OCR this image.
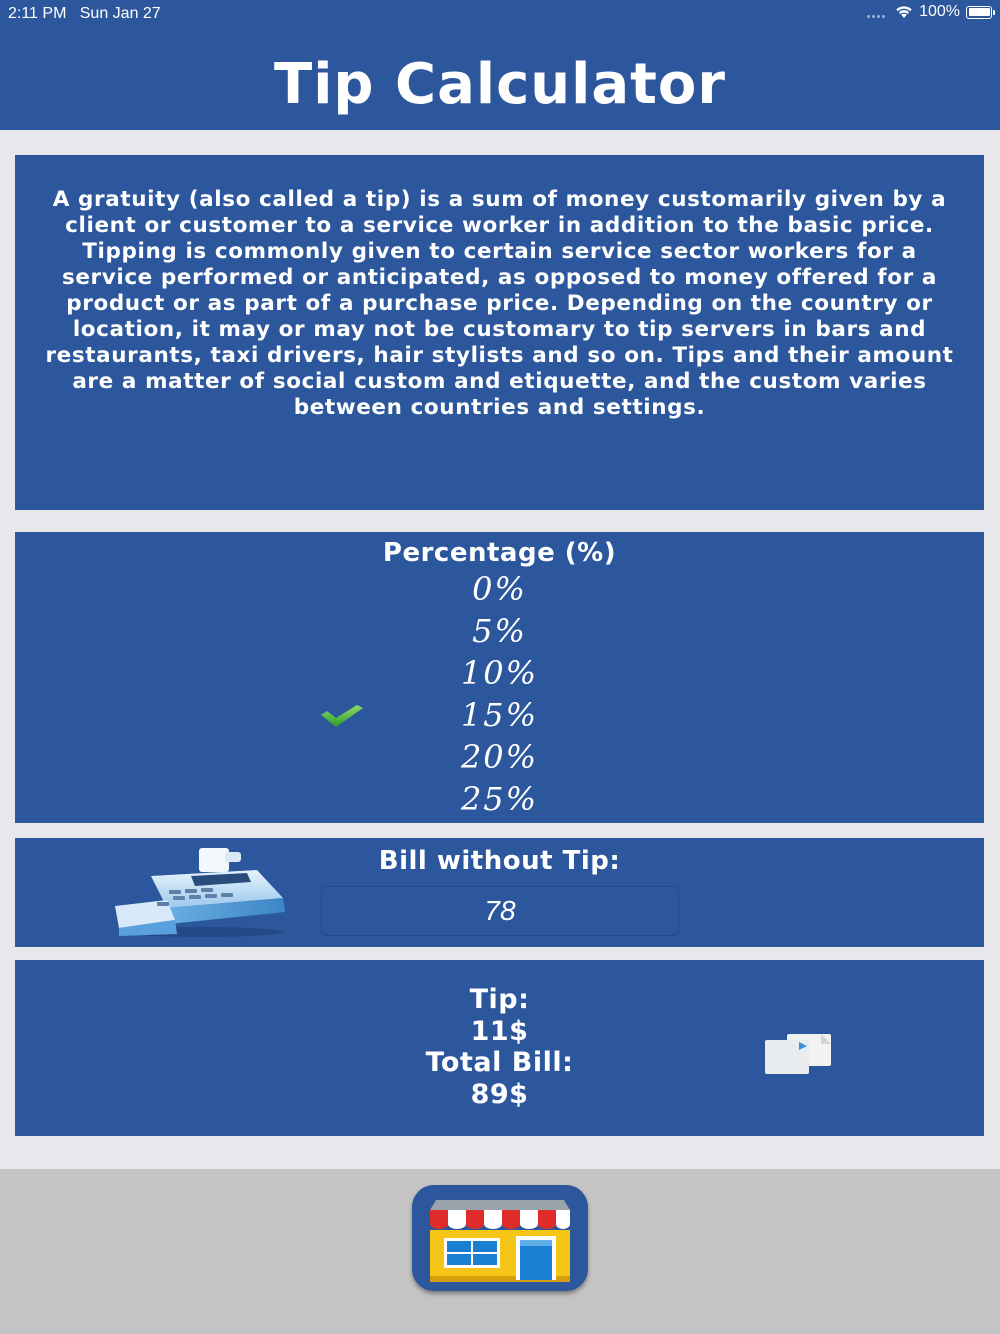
2:11 PM Sun Jan 27	100%
Tip Calculator
A gratuity (also called a tip) is a sum of money customarily given by a client or customer to a service worker in addition to the basic price. Tipping is commonly given to certain service sector workers for a service performed or anticipated, as opposed to money offered for a product or as part of a purchase price. Depending on the country or location, it may or may not be customary to tip servers in bars and restaurants, taxi drivers, hair stylists and so on. Tips and their amount are a matter of social custom and etiquette, and the custom varies between countries and settings.
Percentage (%)
0%
5%
10%
15%
20%
25%
Bill without Tip:
78
Tip:
11$
Total Bill:
89$
